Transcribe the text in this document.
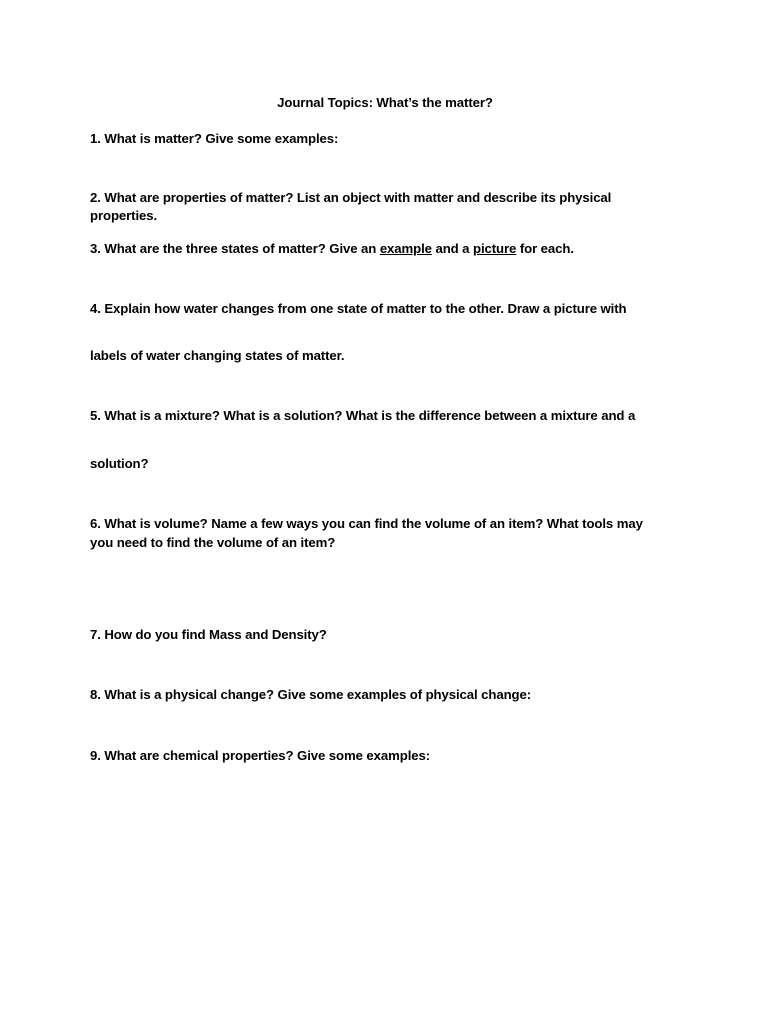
Journal Topics: What’s the matter?
1. What is matter? Give some examples:
2. What are properties of matter? List an object with matter and describe its physical
properties.
3. What are the three states of matter? Give an example and a picture for each.
4. Explain how water changes from one state of matter to the other. Draw a picture with
labels of water changing states of matter.
5. What is a mixture? What is a solution? What is the difference between a mixture and a
solution?
6. What is volume? Name a few ways you can find the volume of an item? What tools may
you need to find the volume of an item?
7. How do you find Mass and Density?
8. What is a physical change? Give some examples of physical change:
9. What are chemical properties? Give some examples:
